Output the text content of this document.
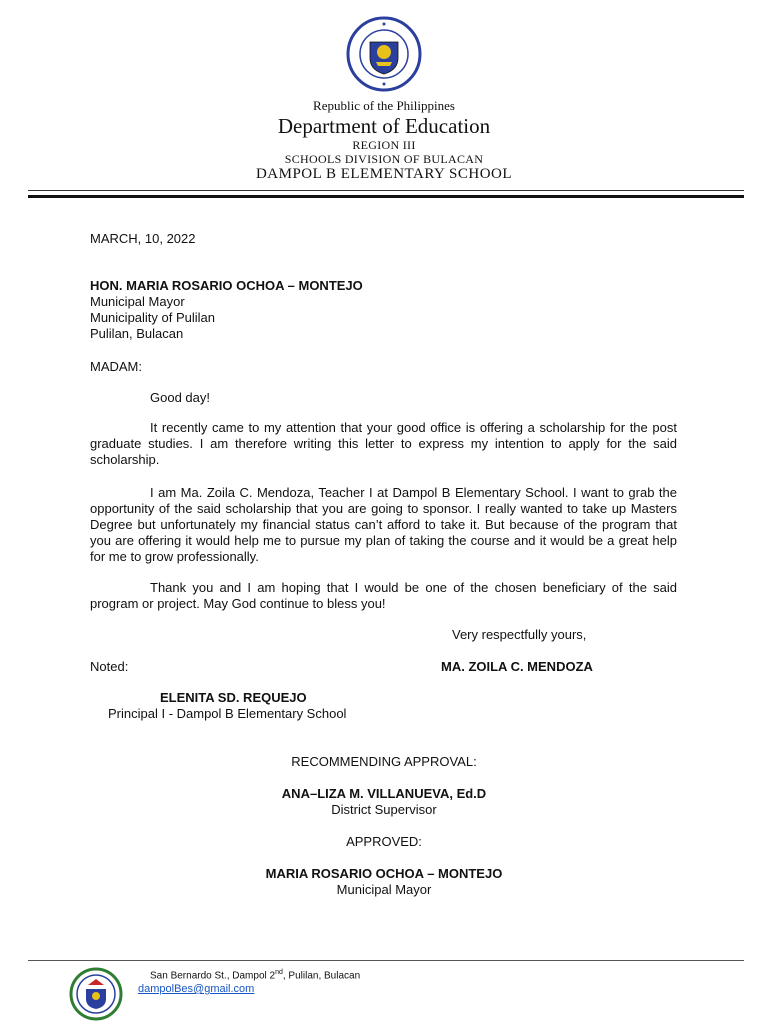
Republic of the Philippines
Department of Education
REGION III
SCHOOLS DIVISION OF BULACAN
DAMPOL B ELEMENTARY SCHOOL
MARCH, 10, 2022
HON. MARIA ROSARIO OCHOA – MONTEJO
Municipal Mayor
Municipality of Pulilan
Pulilan, Bulacan
MADAM:
Good day!
It recently came to my attention that your good office is offering a scholarship for the post graduate studies. I am therefore writing this letter to express my intention to apply for the said scholarship.
I am Ma. Zoila C. Mendoza, Teacher I at Dampol B Elementary School. I want to grab the opportunity of the said scholarship that you are going to sponsor. I really wanted to take up Masters Degree but unfortunately my financial status can’t afford to take it. But because of the program that you are offering it would help me to pursue my plan of taking the course and it would be a great help for me to grow professionally.
Thank you and I am hoping that I would be one of the chosen beneficiary of the said program or project. May God continue to bless you!
Very respectfully yours,
Noted:	MA. ZOILA C. MENDOZA
ELENITA SD. REQUEJO
Principal I - Dampol B Elementary School
RECOMMENDING APPROVAL:
ANA–LIZA M. VILLANUEVA, Ed.D
District Supervisor
APPROVED:
MARIA ROSARIO OCHOA – MONTEJO
Municipal Mayor
San Bernardo St., Dampol 2nd, Pulilan, Bulacan
dampolBes@gmail.com
